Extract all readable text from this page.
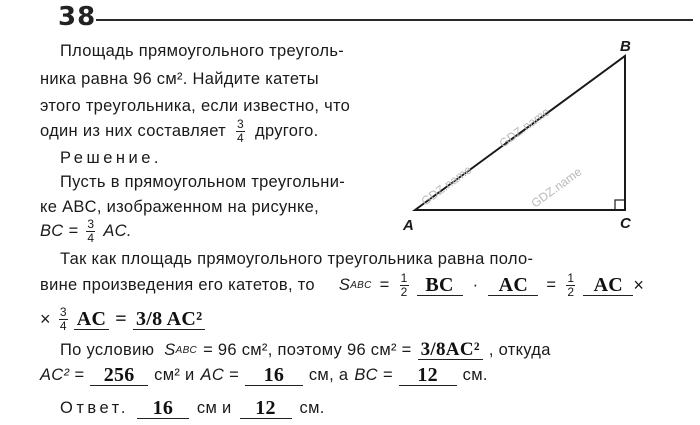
38
Площадь прямоугольного треуголь-
ника равна 96 см². Найдите катеты
этого треугольника, если известно, что
один из них составляет $\frac{3}{4}$ другого.
Решение.
Пусть в прямоугольном треугольни-
ке ABC, изображенном на рисунке,
BC = $\frac{3}{4}$ AC.
Так как площадь прямоугольного треугольника равна поло-
вине произведения его катетов, то S ABC = $\frac{1}{2}$ BC	·	AC	= $\frac{1}{2}$ AC ×
× $\frac{3}{4}$ AC = 3/8 AC²
По условию S ABC = 96 см², поэтому 96 см² = 3/8AC² , откуда
AC² = 256	см² и AC =	16	см, а BC =	12	см.
Ответ.	16	см и	12	см.
GDZ.name
GDZ.name
GDZ.name
A
B
C
